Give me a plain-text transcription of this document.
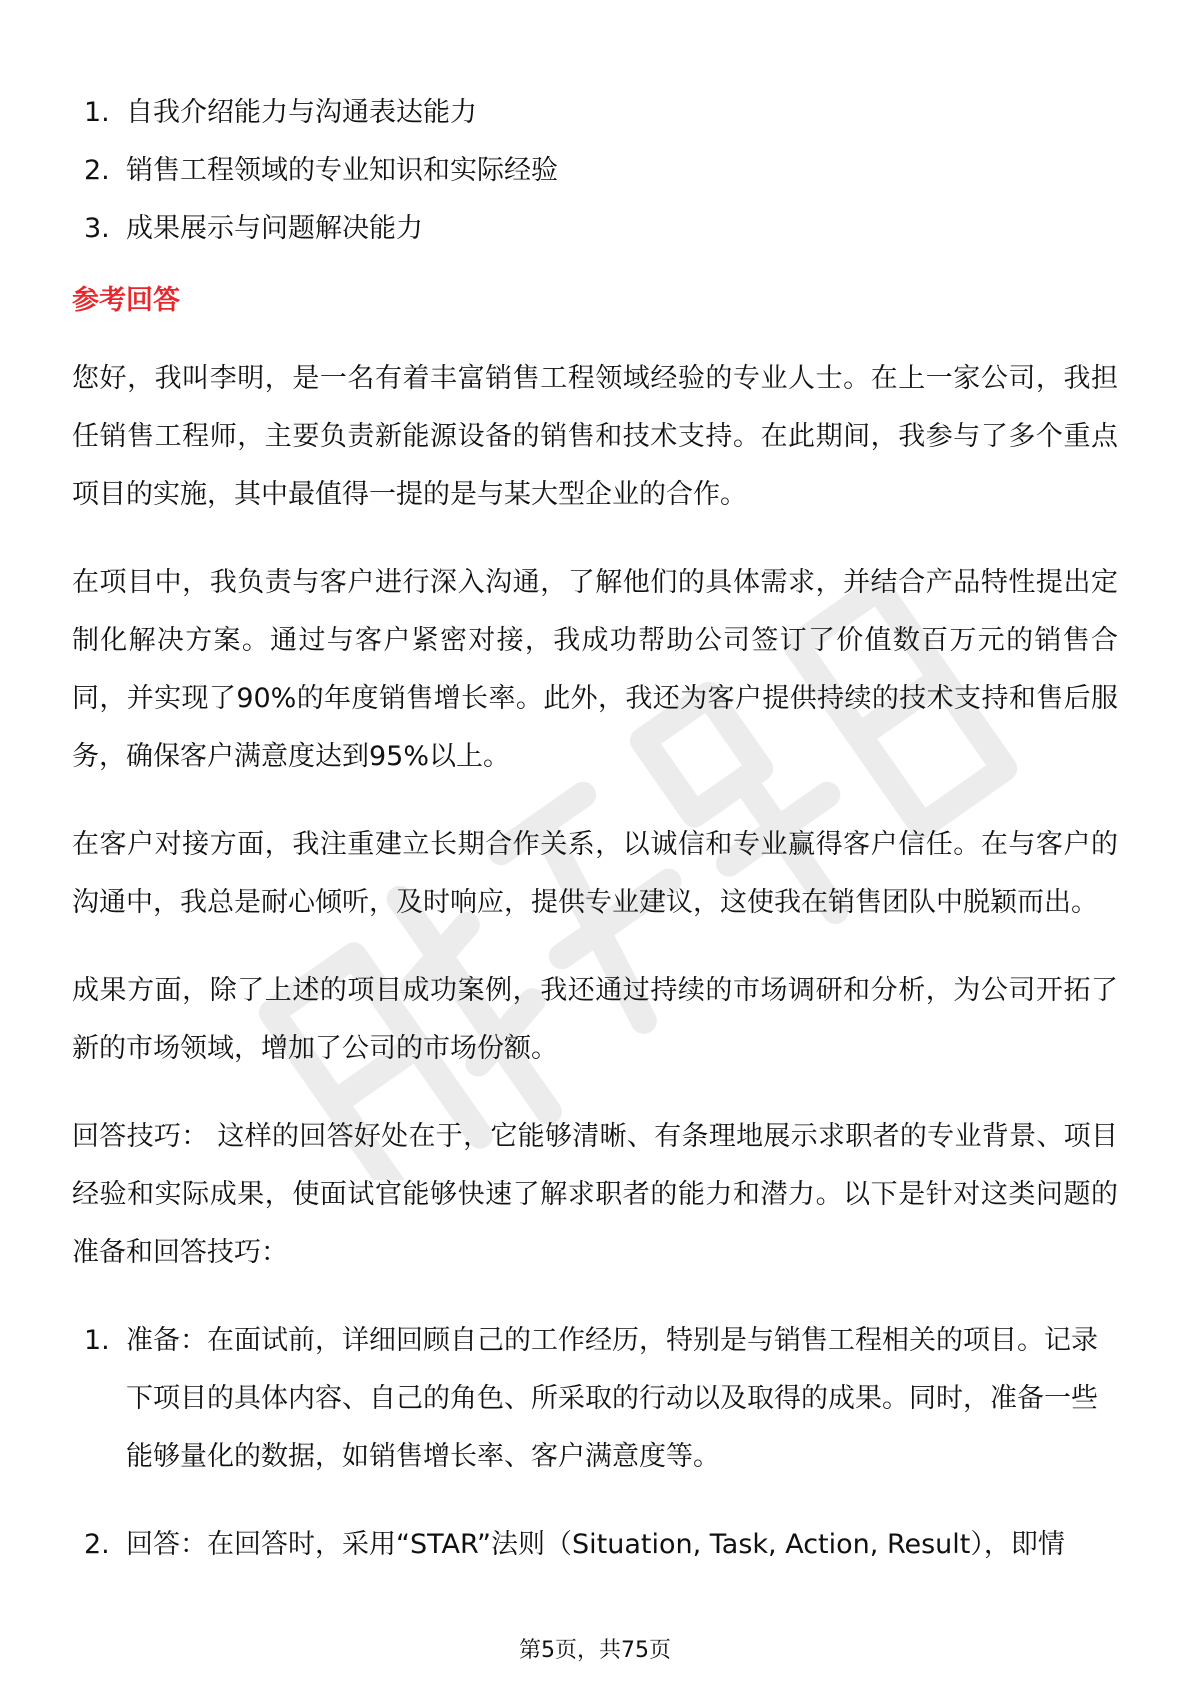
1. 自我介绍能力与沟通表达能力
2. 销售工程领域的专业知识和实际经验
3. 成果展示与问题解决能力
参考回答

您好，我叫李明，是一名有着丰富销售工程领域经验的专业人士。在上一家公司，我担任销售工程师，主要负责新能源设备的销售和技术支持。在此期间，我参与了多个重点项目的实施，其中最值得一提的是与某大型企业的合作。

在项目中，我负责与客户进行深入沟通，了解他们的具体需求，并结合产品特性提出定制化解决方案。通过与客户紧密对接，我成功帮助公司签订了价值数百万元的销售合同，并实现了90%的年度销售增长率。此外，我还为客户提供持续的技术支持和售后服务，确保客户满意度达到95%以上。

在客户对接方面，我注重建立长期合作关系，以诚信和专业赢得客户信任。在与客户的沟通中，我总是耐心倾听，及时响应，提供专业建议，这使我在销售团队中脱颖而出。

成果方面，除了上述的项目成功案例，我还通过持续的市场调研和分析，为公司开拓了新的市场领域，增加了公司的市场份额。

回答技巧： 这样的回答好处在于，它能够清晰、有条理地展示求职者的专业背景、项目经验和实际成果，使面试官能够快速了解求职者的能力和潜力。以下是针对这类问题的准备和回答技巧：

1. 准备：在面试前，详细回顾自己的工作经历，特别是与销售工程相关的项目。记录下项目的具体内容、自己的角色、所采取的行动以及取得的成果。同时，准备一些能够量化的数据，如销售增长率、客户满意度等。
2. 回答：在回答时，采用“STAR”法则（Situation, Task, Action, Result），即情
第5页，共75页
